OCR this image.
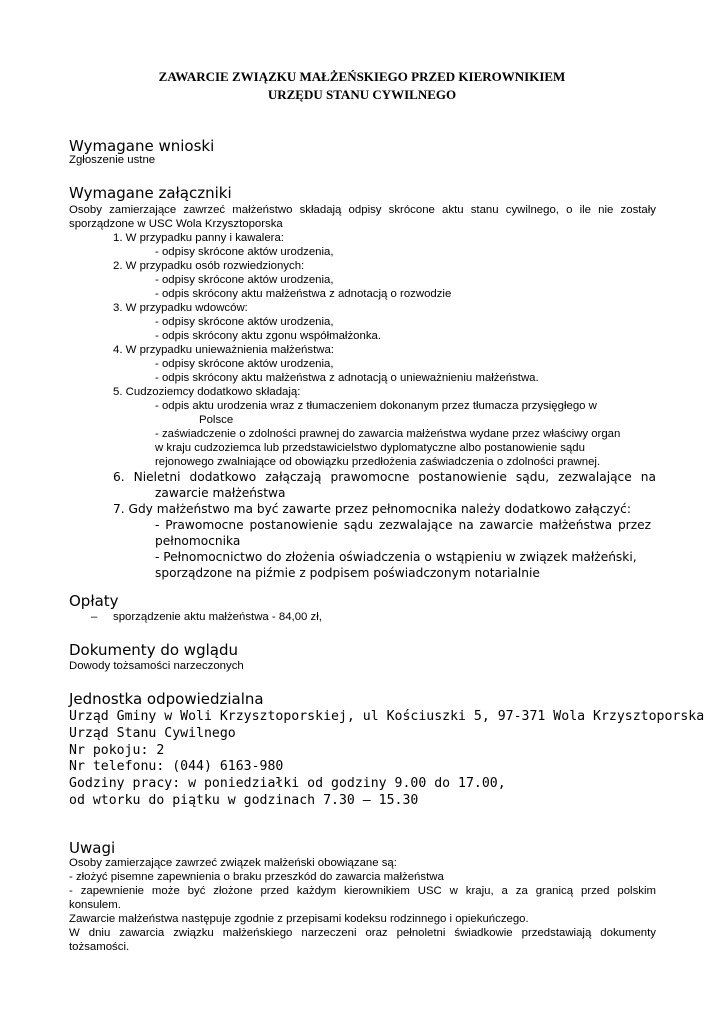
ZAWARCIE ZWIĄZKU MAŁŻEŃSKIEGO PRZED KIEROWNIKIEM
URZĘDU STANU CYWILNEGO
Wymagane wnioski
Zgłoszenie ustne
Wymagane załączniki
Osoby zamierzające zawrzeć małżeństwo składają odpisy skrócone aktu stanu cywilnego, o ile nie zostały
sporządzone w USC Wola Krzysztoporska
1. W przypadku panny i kawalera:
- odpisy skrócone aktów urodzenia,
2. W przypadku osób rozwiedzionych:
- odpisy skrócone aktów urodzenia,
- odpis skrócony aktu małżeństwa z adnotacją o rozwodzie
3. W przypadku wdowców:
- odpisy skrócone aktów urodzenia,
- odpis skrócony aktu zgonu współmałżonka.
4. W przypadku unieważnienia małżeństwa:
- odpisy skrócone aktów urodzenia,
- odpis skrócony aktu małżeństwa z adnotacją o unieważnieniu małżeństwa.
5. Cudzoziemcy dodatkowo składają:
- odpis aktu urodzenia wraz z tłumaczeniem dokonanym przez tłumacza przysięgłego w
Polsce
- zaświadczenie o zdolności prawnej do zawarcia małżeństwa wydane przez właściwy organ
w kraju cudzoziemca lub przedstawicielstwo dyplomatyczne albo postanowienie sądu
rejonowego zwalniające od obowiązku przedłożenia zaświadczenia o zdolności prawnej.
6. Nieletni dodatkowo załączają prawomocne postanowienie sądu, zezwalające na
zawarcie małżeństwa
7. Gdy małżeństwo ma być zawarte przez pełnomocnika należy dodatkowo załączyć:
- Prawomocne postanowienie sądu zezwalające na zawarcie małżeństwa przez
pełnomocnika
- Pełnomocnictwo do złożenia oświadczenia o wstąpieniu w związek małżeński,
sporządzone na piźmie z podpisem poświadczonym notarialnie
Opłaty
– sporządzenie aktu małżeństwa - 84,00 zł,
Dokumenty do wglądu
Dowody tożsamości narzeczonych
Jednostka odpowiedzialna
Urząd Gminy w Woli Krzysztoporskiej, ul Kościuszki 5, 97-371 Wola Krzysztoporska
Urząd Stanu Cywilnego
Nr pokoju: 2
Nr telefonu: (044) 6163-980
Godziny pracy: w poniedziałki od godziny 9.00 do 17.00,
od wtorku do piątku w godzinach 7.30 – 15.30
Uwagi
Osoby zamierzające zawrzeć związek małżeński obowiązane są:
- złożyć pisemne zapewnienia o braku przeszkód do zawarcia małżeństwa
- zapewnienie może być złożone przed każdym kierownikiem USC w kraju, a za granicą przed polskim
konsulem.
Zawarcie małżeństwa następuje zgodnie z przepisami kodeksu rodzinnego i opiekuńczego.
W dniu zawarcia związku małżeńskiego narzeczeni oraz pełnoletni świadkowie przedstawiają dokumenty
tożsamości.
